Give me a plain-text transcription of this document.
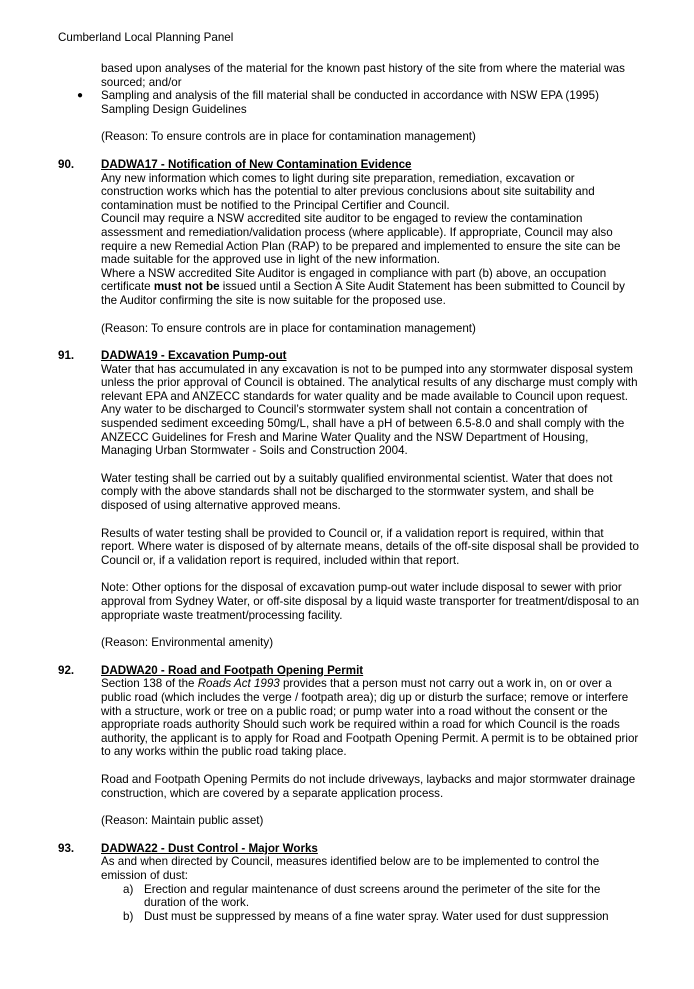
Cumberland Local Planning Panel
based upon analyses of the material for the known past history of the site from where the material was sourced; and/or
● Sampling and analysis of the fill material shall be conducted in accordance with NSW EPA (1995) Sampling Design Guidelines
(Reason: To ensure controls are in place for contamination management)
90. DADWA17 - Notification of New Contamination Evidence
Any new information which comes to light during site preparation, remediation, excavation or construction works which has the potential to alter previous conclusions about site suitability and contamination must be notified to the Principal Certifier and Council.
Council may require a NSW accredited site auditor to be engaged to review the contamination assessment and remediation/validation process (where applicable). If appropriate, Council may also require a new Remedial Action Plan (RAP) to be prepared and implemented to ensure the site can be made suitable for the approved use in light of the new information.
Where a NSW accredited Site Auditor is engaged in compliance with part (b) above, an occupation certificate must not be issued until a Section A Site Audit Statement has been submitted to Council by the Auditor confirming the site is now suitable for the proposed use.
(Reason: To ensure controls are in place for contamination management)
91. DADWA19 - Excavation Pump-out
Water that has accumulated in any excavation is not to be pumped into any stormwater disposal system unless the prior approval of Council is obtained. The analytical results of any discharge must comply with relevant EPA and ANZECC standards for water quality and be made available to Council upon request. Any water to be discharged to Council’s stormwater system shall not contain a concentration of suspended sediment exceeding 50mg/L, shall have a pH of between 6.5-8.0 and shall comply with the ANZECC Guidelines for Fresh and Marine Water Quality and the NSW Department of Housing, Managing Urban Stormwater - Soils and Construction 2004.
Water testing shall be carried out by a suitably qualified environmental scientist. Water that does not comply with the above standards shall not be discharged to the stormwater system, and shall be disposed of using alternative approved means.
Results of water testing shall be provided to Council or, if a validation report is required, within that report. Where water is disposed of by alternate means, details of the off-site disposal shall be provided to Council or, if a validation report is required, included within that report.
Note: Other options for the disposal of excavation pump-out water include disposal to sewer with prior approval from Sydney Water, or off-site disposal by a liquid waste transporter for treatment/disposal to an appropriate waste treatment/processing facility.
(Reason: Environmental amenity)
92. DADWA20 - Road and Footpath Opening Permit
Section 138 of the Roads Act 1993 provides that a person must not carry out a work in, on or over a public road (which includes the verge / footpath area); dig up or disturb the surface; remove or interfere with a structure, work or tree on a public road; or pump water into a road without the consent or the appropriate roads authority Should such work be required within a road for which Council is the roads authority, the applicant is to apply for Road and Footpath Opening Permit. A permit is to be obtained prior to any works within the public road taking place.
Road and Footpath Opening Permits do not include driveways, laybacks and major stormwater drainage construction, which are covered by a separate application process.
(Reason: Maintain public asset)
93. DADWA22 - Dust Control - Major Works
As and when directed by Council, measures identified below are to be implemented to control the emission of dust:
a) Erection and regular maintenance of dust screens around the perimeter of the site for the duration of the work.
b) Dust must be suppressed by means of a fine water spray. Water used for dust suppression
